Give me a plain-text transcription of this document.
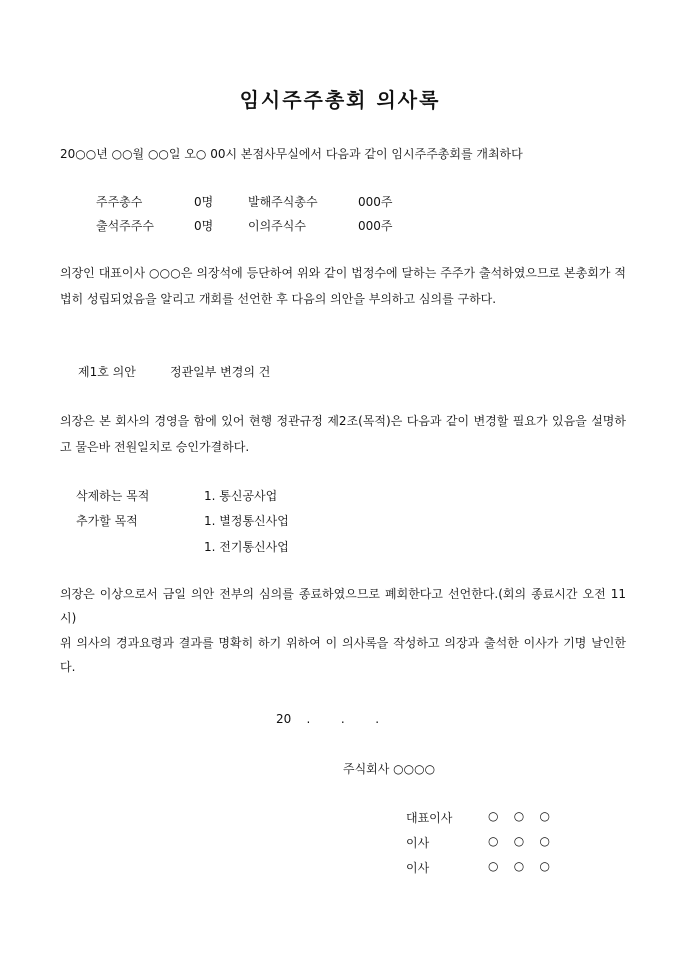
임시주주총회 의사록
20○○년 ○○월 ○○일 오○ 00시 본점사무실에서 다음과 같이 임시주주총회를 개최하다
주주총수	0명	발해주식총수	000주
출석주주수	0명	이의주식수	000주
의장인 대표이사 ○○○은 의장석에 등단하여 위와 같이 법정수에 달하는 주주가 출석하였으므로 본총회가 적법히 성립되었음을 알리고 개회를 선언한 후 다음의 의안을 부의하고 심의를 구하다.
제1호 의안	정관일부 변경의 건
의장은 본 회사의 경영을 함에 있어 현행 정관규정 제2조(목적)은 다음과 같이 변경할 필요가 있음을 설명하고 물은바 전원일치로 승인가결하다.
삭제하는 목적	1. 통신공사업
추가할 목적	1. 별정통신사업
1. 전기통신사업
의장은 이상으로서 금일 의안 전부의 심의를 종료하였으므로 폐회한다고 선언한다.(회의 종료시간 오전 11시)
위 의사의 경과요령과 결과를 명확히 하기 위하여 이 의사록을 작성하고 의장과 출석한 이사가 기명 날인한다.
20    .        .        .
주식회사 ○○○○
대표이사	○    ○    ○
이사	○    ○    ○
이사	○    ○    ○
